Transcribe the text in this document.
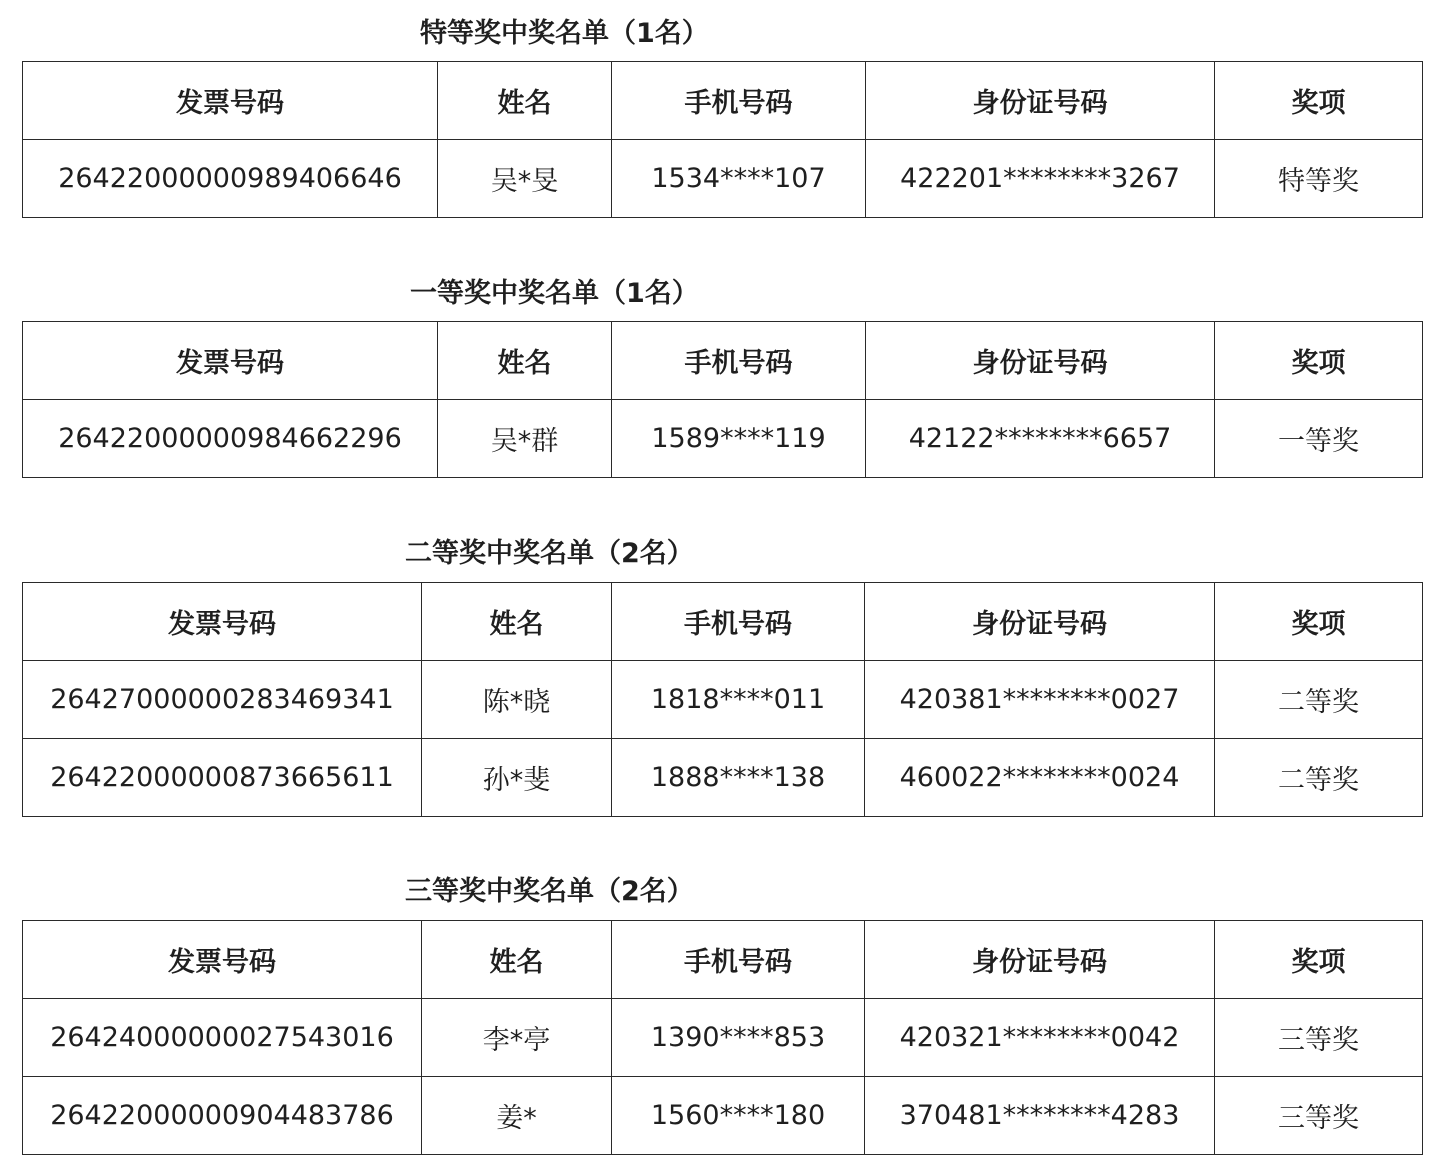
特等奖中奖名单（1名）
发票号码	姓名	手机号码	身份证号码	奖项
26422000000989406646	吴*旻	1534****107	422201********3267	特等奖
一等奖中奖名单（1名）
发票号码	姓名	手机号码	身份证号码	奖项
26422000000984662296	吴*群	1589****119	42122********6657	一等奖
二等奖中奖名单（2名）
发票号码	姓名	手机号码	身份证号码	奖项
26427000000283469341	陈*晓	1818****011	420381********0027	二等奖
26422000000873665611	孙*斐	1888****138	460022********0024	二等奖
三等奖中奖名单（2名）
发票号码	姓名	手机号码	身份证号码	奖项
26424000000027543016	李*亭	1390****853	420321********0042	三等奖
26422000000904483786	姜*	1560****180	370481********4283	三等奖
